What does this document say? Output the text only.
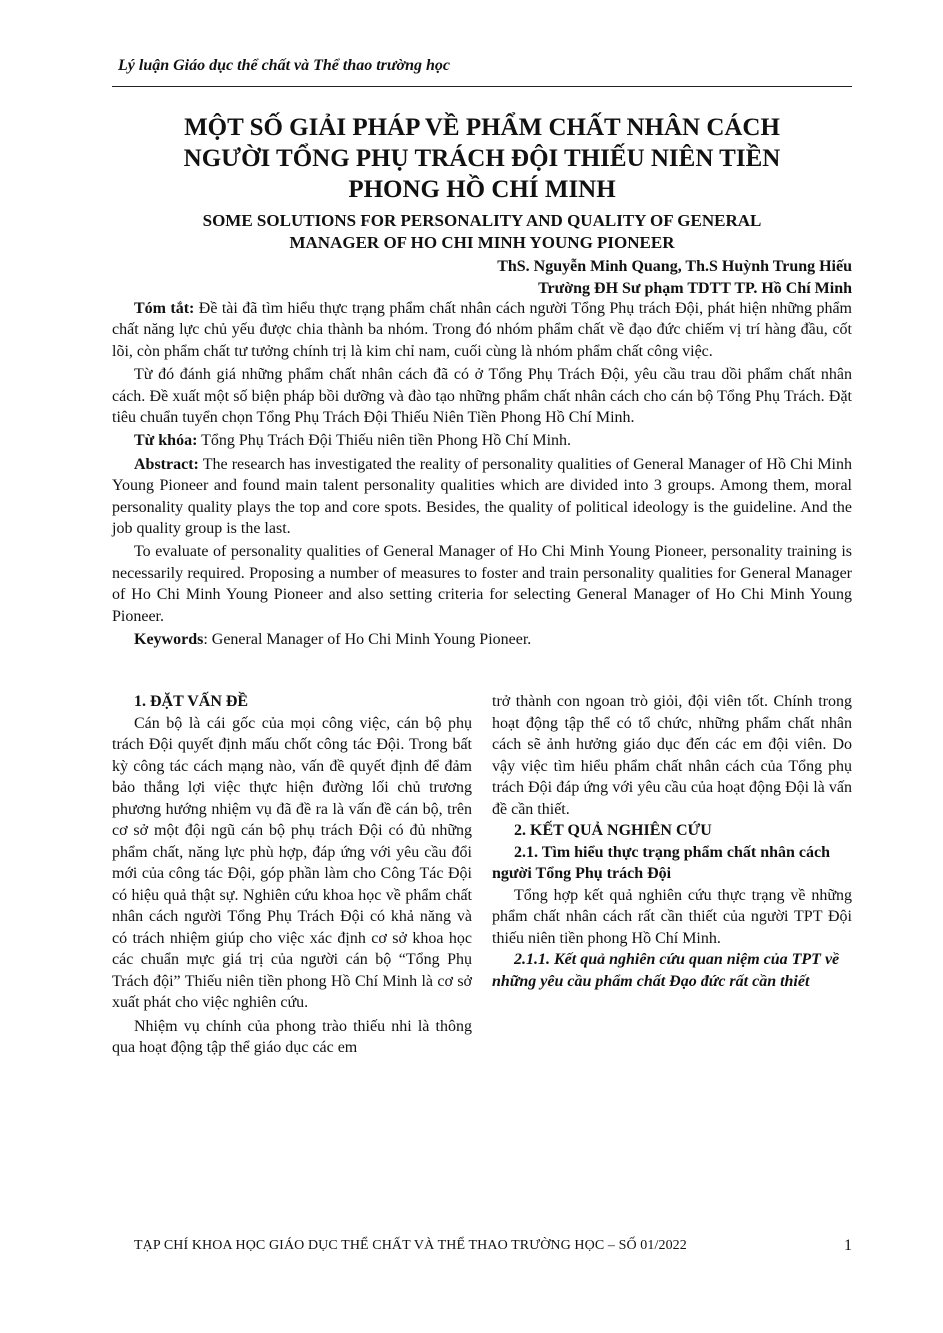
Lý luận Giáo dục thể chất và Thể thao trường học
MỘT SỐ GIẢI PHÁP VỀ PHẨM CHẤT NHÂN CÁCH
NGƯỜI TỔNG PHỤ TRÁCH ĐỘI THIẾU NIÊN TIỀN
PHONG HỒ CHÍ MINH
SOME SOLUTIONS FOR PERSONALITY AND QUALITY OF GENERAL
MANAGER OF HO CHI MINH YOUNG PIONEER
ThS. Nguyễn Minh Quang, Th.S Huỳnh Trung Hiếu
Trường ĐH Sư phạm TDTT TP. Hồ Chí Minh

Tóm tắt: Đề tài đã tìm hiểu thực trạng phẩm chất nhân cách người Tổng Phụ trách Đội, phát hiện những phẩm chất năng lực chủ yếu được chia thành ba nhóm. Trong đó nhóm phẩm chất về đạo đức chiếm vị trí hàng đầu, cốt lõi, còn phẩm chất tư tưởng chính trị là kim chỉ nam, cuối cùng là nhóm phẩm chất công việc.

Từ đó đánh giá những phẩm chất nhân cách đã có ở Tổng Phụ Trách Đội, yêu cầu trau dồi phẩm chất nhân cách. Đề xuất một số biện pháp bồi dưỡng và đào tạo những phẩm chất nhân cách cho cán bộ Tổng Phụ Trách. Đặt tiêu chuẩn tuyển chọn Tổng Phụ Trách Đội Thiếu Niên Tiền Phong Hồ Chí Minh.

Từ khóa: Tổng Phụ Trách Đội Thiếu niên tiền Phong Hồ Chí Minh.

Abstract: The research has investigated the reality of personality qualities of General Manager of Hồ Chi Minh Young Pioneer and found main talent personality qualities which are divided into 3 groups. Among them, moral personality quality plays the top and core spots. Besides, the quality of political ideology is the guideline. And the job quality group is the last.

To evaluate of personality qualities of General Manager of Ho Chi Minh Young Pioneer, personality training is necessarily required. Proposing a number of measures to foster and train personality qualities for General Manager of Ho Chi Minh Young Pioneer and also setting criteria for selecting General Manager of Ho Chi Minh Young Pioneer.

Keywords: General Manager of Ho Chi Minh Young Pioneer.

1. ĐẶT VẤN ĐỀ

Cán bộ là cái gốc của mọi công việc, cán bộ phụ trách Đội quyết định mấu chốt công tác Đội. Trong bất kỳ công tác cách mạng nào, vấn đề quyết định để đảm bảo thắng lợi việc thực hiện đường lối chủ trương phương hướng nhiệm vụ đã đề ra là vấn đề cán bộ, trên cơ sở một đội ngũ cán bộ phụ trách Đội có đủ những phẩm chất, năng lực phù hợp, đáp ứng với yêu cầu đổi mới của công tác Đội, góp phần làm cho Công Tác Đội có hiệu quả thật sự. Nghiên cứu khoa học về phẩm chất nhân cách người Tổng Phụ Trách Đội có khả năng và có trách nhiệm giúp cho việc xác định cơ sở khoa học các chuẩn mực giá trị của người cán bộ “Tổng Phụ Trách đội” Thiếu niên tiền phong Hồ Chí Minh là cơ sở xuất phát cho việc nghiên cứu.

Nhiệm vụ chính của phong trào thiếu nhi là thông qua hoạt động tập thể giáo dục các em

trở thành con ngoan trò giỏi, đội viên tốt. Chính trong hoạt động tập thể có tổ chức, những phẩm chất nhân cách sẽ ảnh hưởng giáo dục đến các em đội viên. Do vậy việc tìm hiểu phẩm chất nhân cách của Tổng phụ trách Đội đáp ứng với yêu cầu của hoạt động Đội là vấn đề cần thiết.

2. KẾT QUẢ NGHIÊN CỨU
2.1. Tìm hiểu thực trạng phẩm chất nhân cách người Tổng Phụ trách Đội

Tổng hợp kết quả nghiên cứu thực trạng về những phẩm chất nhân cách rất cần thiết của người TPT Đội thiếu niên tiền phong Hồ Chí Minh.

2.1.1. Kết quả nghiên cứu quan niệm của TPT về những yêu cầu phẩm chất Đạo đức rất cần thiết
TẠP CHÍ KHOA HỌC GIÁO DỤC THỂ CHẤT VÀ THỂ THAO TRƯỜNG HỌC – SỐ 01/2022	1
